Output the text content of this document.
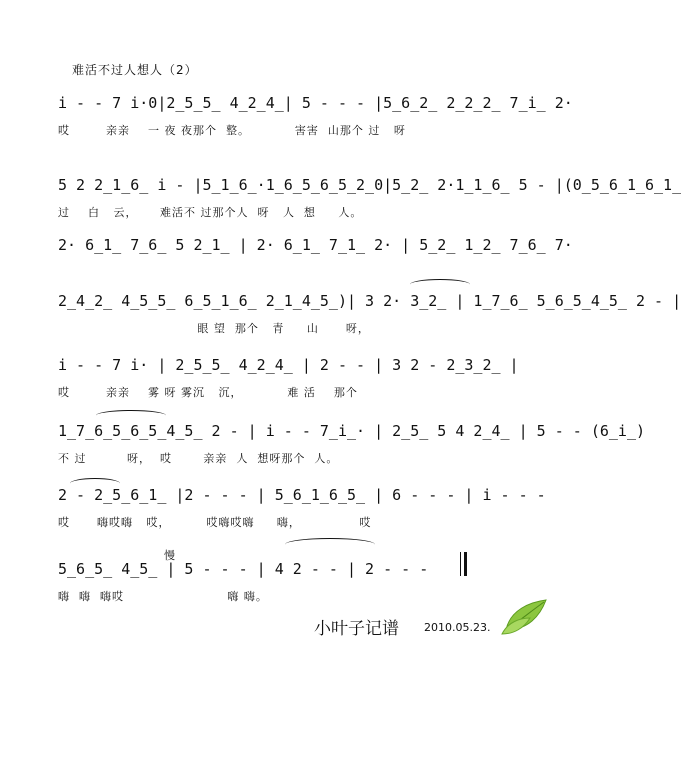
难活不过人想人（2）
i - - 7 i·0|2̲5̲5̲ 4̲2̲4̲| 5 - - - |5̲6̲2̲ 2̲2̲2̲ 7̲i̲ 2·
哎        亲亲    一 夜 夜那个  整。          害害  山那个 过   呀
5 2 2̲1̲6̲ i - |5̲1̲6̲·1̲6̲5̲6̲5̲2̲0|5̲2̲ 2·1̲1̲6̲ 5 - |(0̲5̲6̲1̲6̲1̲
过    白   云，     难活不 过那个人  呀   人  想     人。
2· 6̲1̲ 7̲6̲ 5 2̲1̲ | 2· 6̲1̲ 7̲1̲ 2· | 5̲2̲ 1̲2̲ 7̲6̲ 7·
2̲4̲2̲ 4̲5̲5̲ 6̲5̲1̲6̲ 2̲1̲4̲5̲)| 3 2· 3̲2̲ | 1̲7̲6̲ 5̲6̲5̲4̲5̲ 2 - |
眼 望  那个   青     山      呀，
i - - 7 i· | 2̲5̲5̲ 4̲2̲4̲ | 2 - - | 3 2 - 2̲3̲2̲ |
哎        亲亲    雾 呀 雾沉   沉，          难 活    那个
1̲7̲6̲5̲6̲5̲4̲5̲ 2 - | i - - 7̲i̲· | 2̲5̲ 5 4 2̲4̲ | 5 - - (6̲i̲)
不 过         呀，  哎       亲亲  人  想呀那个  人。
2 - 2̲5̲6̲1̲ |2 - - - | 5̲6̲1̲6̲5̲ | 6 - - - | i - - -
哎      嗨哎嗨   哎，        哎嗨哎嗨     嗨，             哎
5̲6̲5̲ 4̲5̲ | 5 - - - | 4 2 - - | 2 - - -
嗨  嗨  嗨哎                       嗨 嗨。
慢
小叶子记谱 2010.05.23.
